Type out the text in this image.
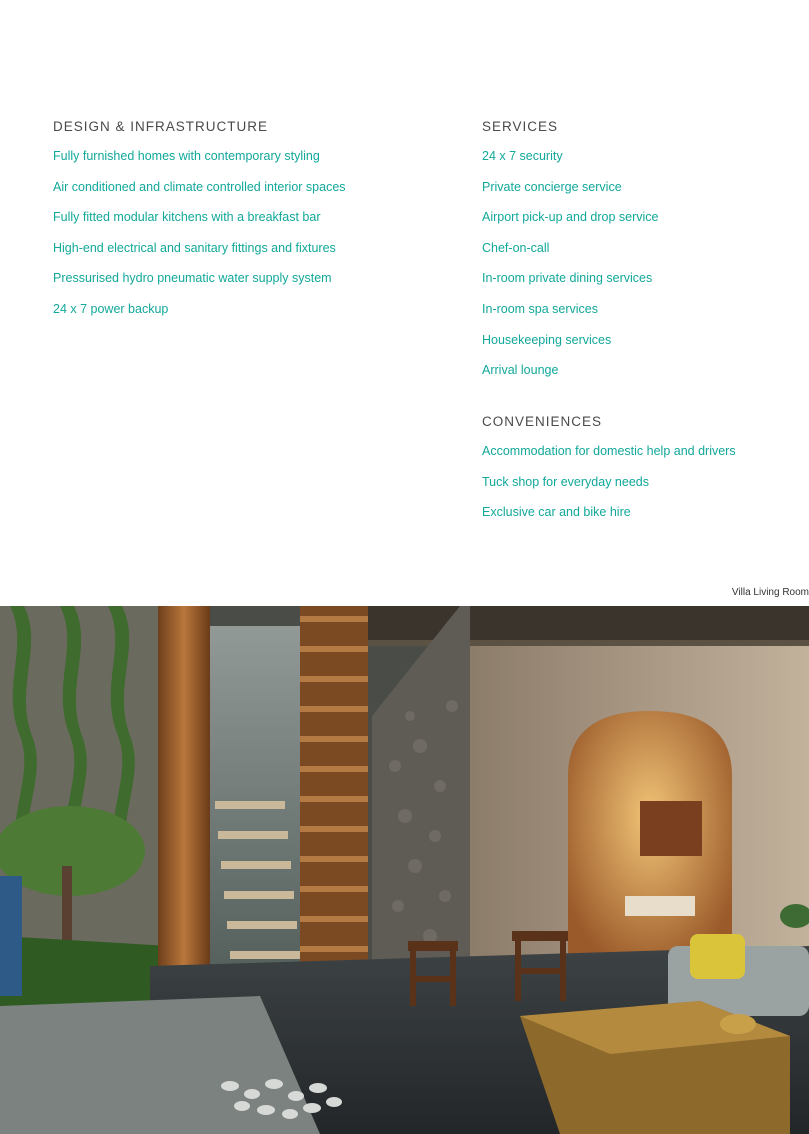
DESIGN & INFRASTRUCTURE
Fully furnished homes with contemporary styling
Air conditioned and climate controlled interior spaces
Fully fitted modular kitchens with a breakfast bar
High-end electrical and sanitary fittings and fixtures
Pressurised hydro pneumatic water supply system
24 x 7 power backup
SERVICES
24 x 7 security
Private concierge service
Airport pick-up and drop service
Chef-on-call
In-room private dining services
In-room spa services
Housekeeping services
Arrival lounge
CONVENIENCES
Accommodation for domestic help and drivers
Tuck shop for everyday needs
Exclusive car and bike hire
Villa Living Room
